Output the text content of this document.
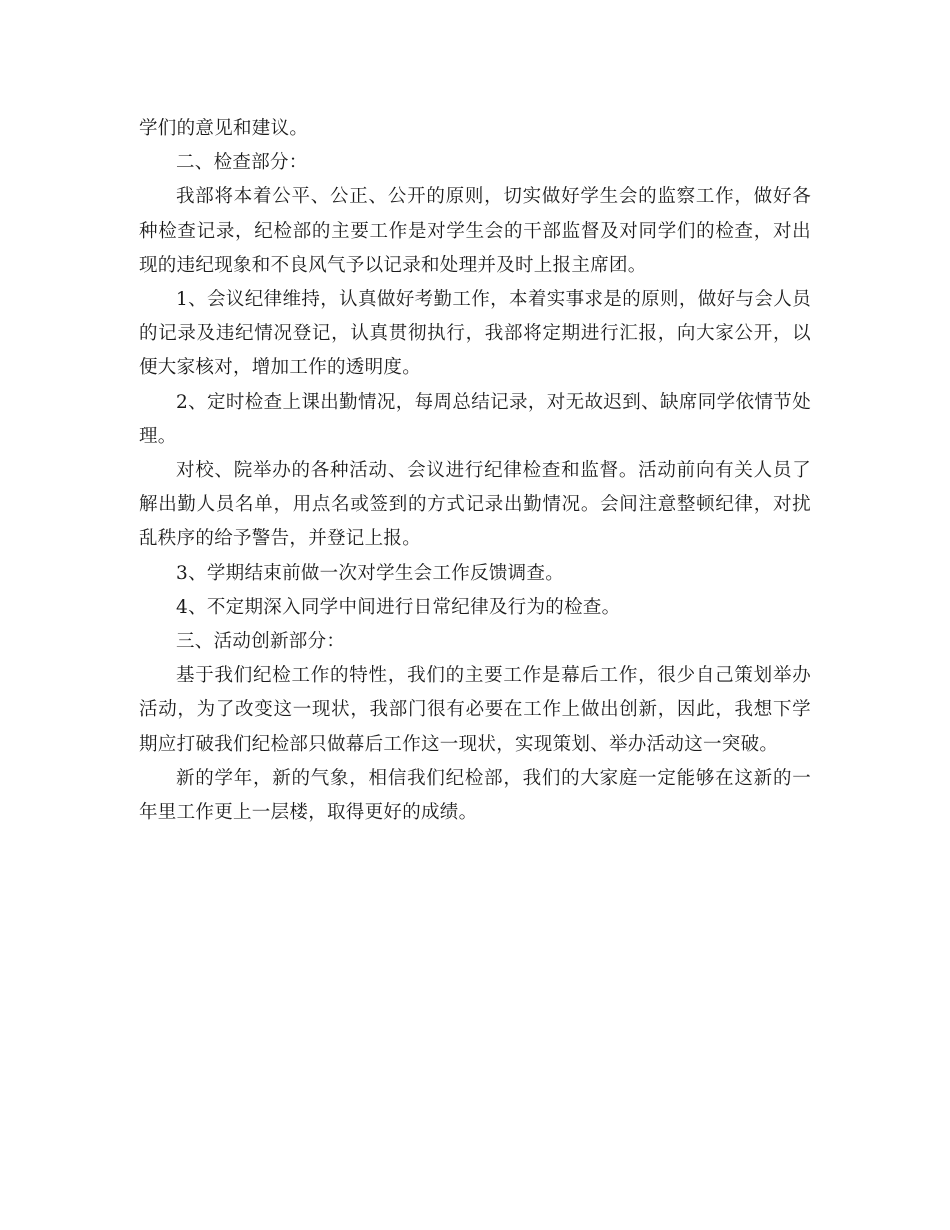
学们的意见和建议。

二、检查部分：

我部将本着公平、公正、公开的原则，切实做好学生会的监察工作，做好各种检查记录，纪检部的主要工作是对学生会的干部监督及对同学们的检查，对出现的违纪现象和不良风气予以记录和处理并及时上报主席团。

1、会议纪律维持，认真做好考勤工作，本着实事求是的原则，做好与会人员的记录及违纪情况登记，认真贯彻执行，我部将定期进行汇报，向大家公开，以便大家核对，增加工作的透明度。

2、定时检查上课出勤情况，每周总结记录，对无故迟到、缺席同学依情节处理。

对校、院举办的各种活动、会议进行纪律检查和监督。活动前向有关人员了解出勤人员名单，用点名或签到的方式记录出勤情况。会间注意整顿纪律，对扰乱秩序的给予警告，并登记上报。

3、学期结束前做一次对学生会工作反馈调查。

4、不定期深入同学中间进行日常纪律及行为的检查。

三、活动创新部分：

基于我们纪检工作的特性，我们的主要工作是幕后工作，很少自己策划举办活动，为了改变这一现状，我部门很有必要在工作上做出创新，因此，我想下学期应打破我们纪检部只做幕后工作这一现状，实现策划、举办活动这一突破。

新的学年，新的气象，相信我们纪检部，我们的大家庭一定能够在这新的一年里工作更上一层楼，取得更好的成绩。
